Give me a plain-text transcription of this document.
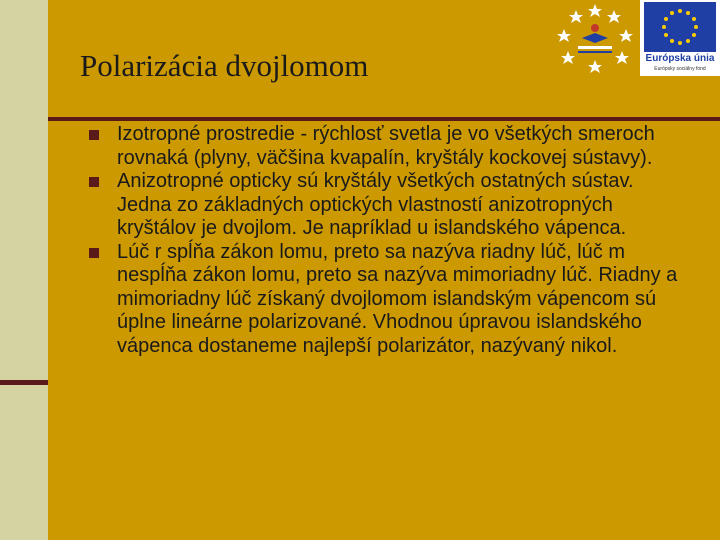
Polarizácia dvojlomom	Európska únia
Európsky sociálny fond
Izotropné prostredie - rýchlosť svetla je vo všetkých smeroch rovnaká (plyny, väčšina kvapalín, kryštály kockovej sústavy).
Anizotropné opticky sú kryštály všetkých ostatných sústav. Jedna zo základných optických vlastností anizotropných kryštálov je dvojlom. Je napríklad u islandského vápenca.
Lúč r spĺňa zákon lomu, preto sa nazýva riadny lúč, lúč m nespĺňa zákon lomu, preto sa nazýva mimoriadny lúč. Riadny a mimoriadny lúč získaný dvojlomom islandským vápencom sú úplne lineárne polarizované. Vhodnou úpravou islandského vápenca dostaneme najlepší polarizátor, nazývaný nikol.
